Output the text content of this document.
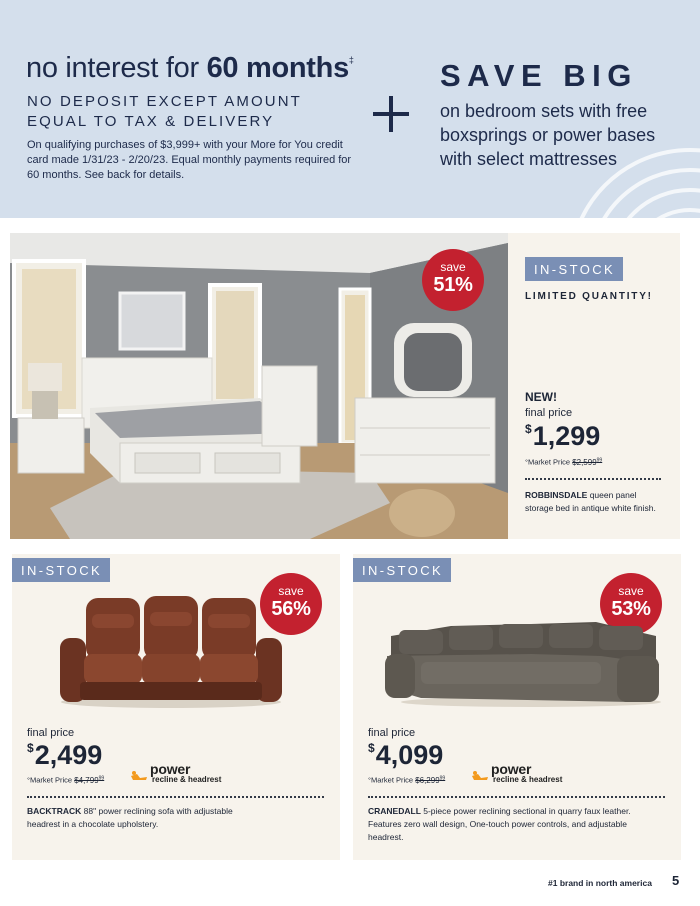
no interest for 60 months‡
NO DEPOSIT EXCEPT AMOUNT
EQUAL TO TAX & DELIVERY
On qualifying purchases of $3,999+ with your More for You credit card made 1/31/23 - 2/20/23. Equal monthly payments required for 60 months. See back for details.
SAVE BIG
on bedroom sets with free
boxsprings or power bases
with select mattresses
save
51%
IN-STOCK
LIMITED QUANTITY!
NEW!
final price
$1,299
°Market Price $2,599$^{99}$
ROBBINSDALE queen panel storage bed in antique white finish.
IN-STOCK
save
56%
final price
$2,499
°Market Price $4,799$^{99}$
power
recline & headrest
BACKTRACK 88" power reclining sofa with adjustable headrest in a chocolate upholstery.
IN-STOCK
save
53%
final price
$4,099
°Market Price $6,299$^{99}$
power
recline & headrest
CRANEDALL 5-piece power reclining sectional in quarry faux leather. Features zero wall design, One-touch power controls, and adjustable headrest.
#1 brand in north america 5
